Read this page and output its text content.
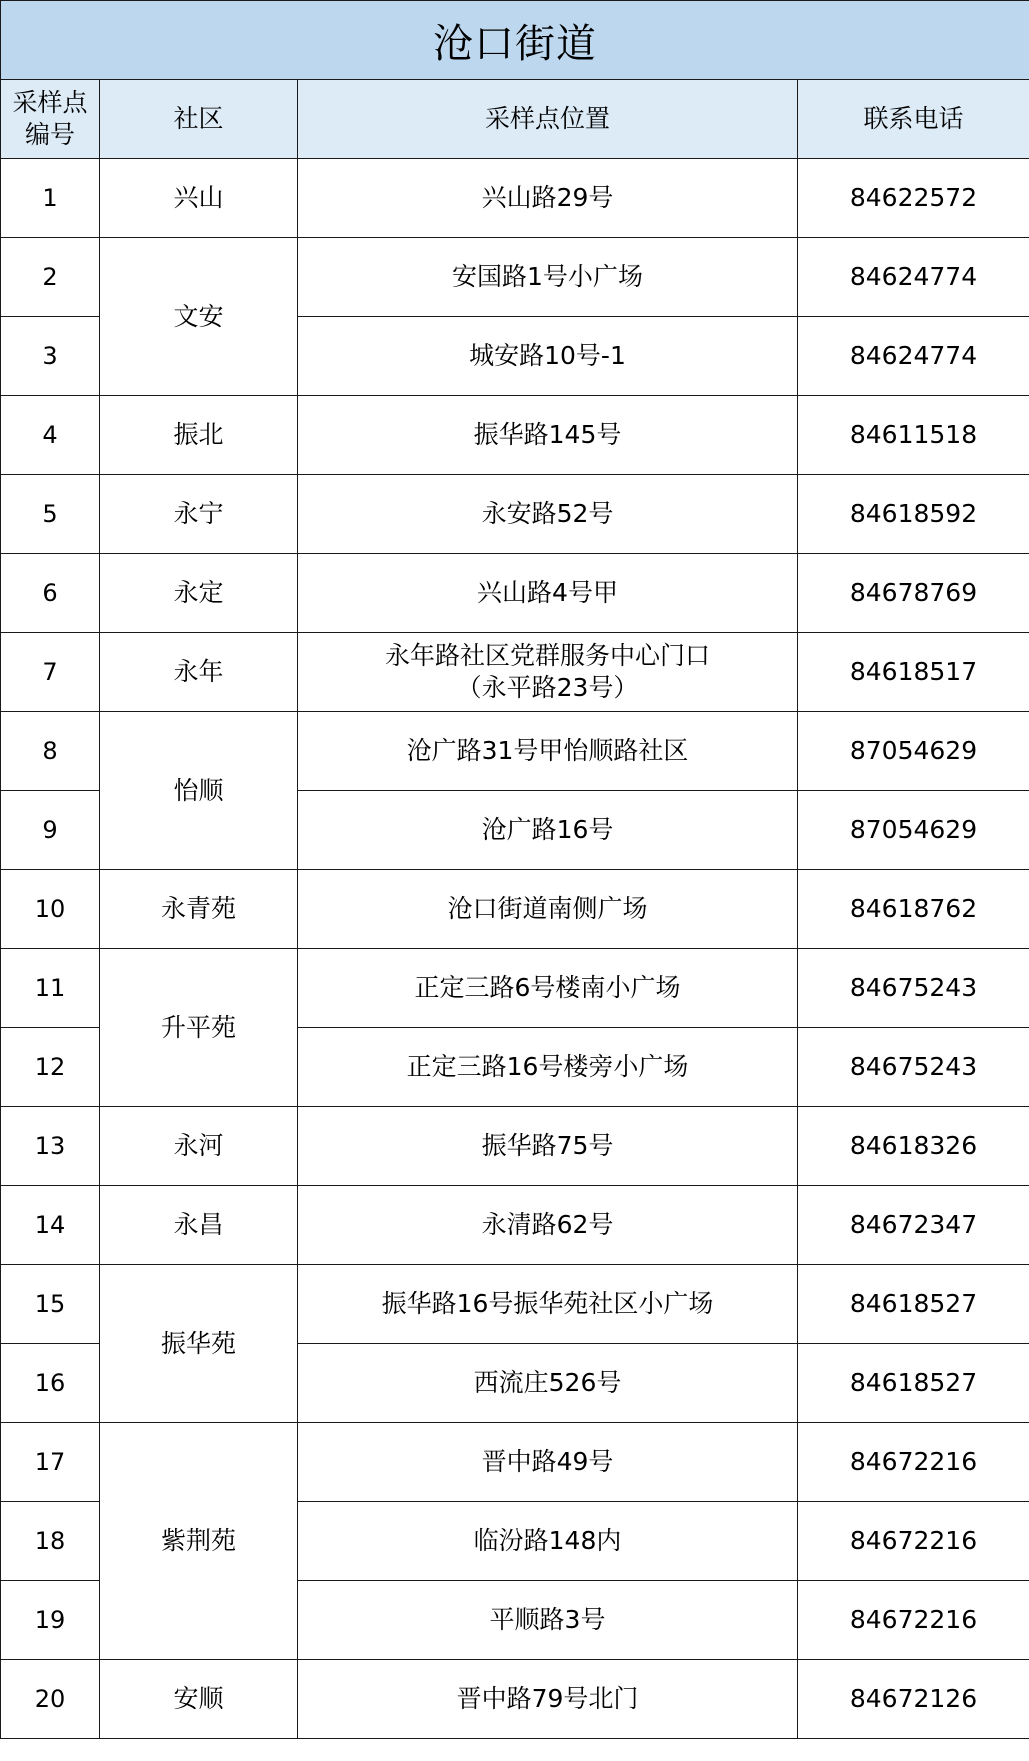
沧口街道			

采样点
编号	社区	采样点位置	联系电话
1	兴山	兴山路29号	84622572
2	文安	安国路1号小广场	84624774
3		城安路10号-1	84624774
4	振北	振华路145号	84611518
5	永宁	永安路52号	84618592
6	永定	兴山路4号甲	84678769
7	永年	永年路社区党群服务中心门口
（永平路23号）	84618517
8	怡顺	沧广路31号甲怡顺路社区	87054629
9		沧广路16号	87054629
10	永青苑	沧口街道南侧广场	84618762
11	升平苑	正定三路6号楼南小广场	84675243
12		正定三路16号楼旁小广场	84675243
13	永河	振华路75号	84618326
14	永昌	永清路62号	84672347
15	振华苑	振华路16号振华苑社区小广场	84618527
16		西流庄526号	84618527
17	紫荆苑	晋中路49号	84672216
18		临汾路148内	84672216
19		平顺路3号	84672216
20	安顺	晋中路79号北门	84672126
